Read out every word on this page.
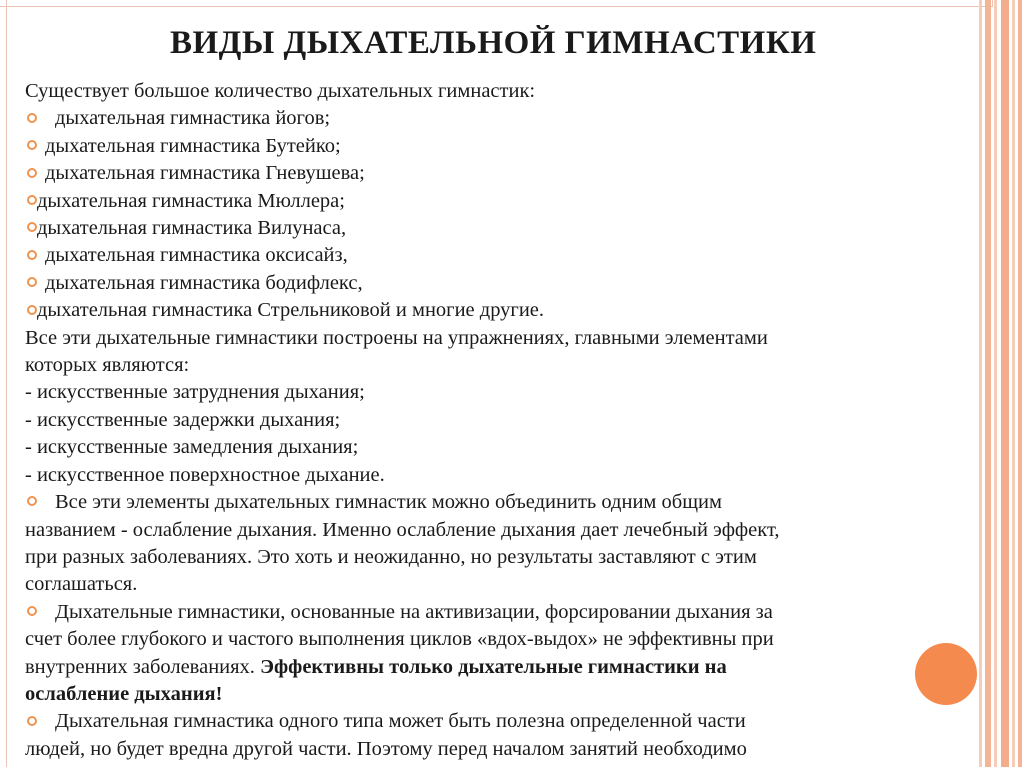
ВИДЫ ДЫХАТЕЛЬНОЙ ГИМНАСТИКИ
Существует большое количество дыхательных гимнастик:
дыхательная гимнастика йогов;
дыхательная гимнастика Бутейко;
дыхательная гимнастика Гневушева;
дыхательная гимнастика Мюллера;
дыхательная гимнастика Вилунаса,
дыхательная гимнастика оксисайз,
дыхательная гимнастика бодифлекс,
дыхательная гимнастика Стрельниковой и многие другие.
Все эти дыхательные гимнастики построены на упражнениях, главными элементами
которых являются:
- искусственные затруднения дыхания;
- искусственные задержки дыхания;
- искусственные замедления дыхания;
- искусственное поверхностное дыхание.
Все эти элементы дыхательных гимнастик можно объединить одним общим
названием - ослабление дыхания. Именно ослабление дыхания дает лечебный эффект,
при разных заболеваниях. Это хоть и неожиданно, но результаты заставляют с этим
соглашаться.
Дыхательные гимнастики, основанные на активизации, форсировании дыхания за
счет более глубокого и частого выполнения циклов «вдох-выдох» не эффективны при
внутренних заболеваниях. Эффективны только дыхательные гимнастики на
ослабление дыхания!
Дыхательная гимнастика одного типа может быть полезна определенной части
людей, но будет вредна другой части. Поэтому перед началом занятий необходимо
